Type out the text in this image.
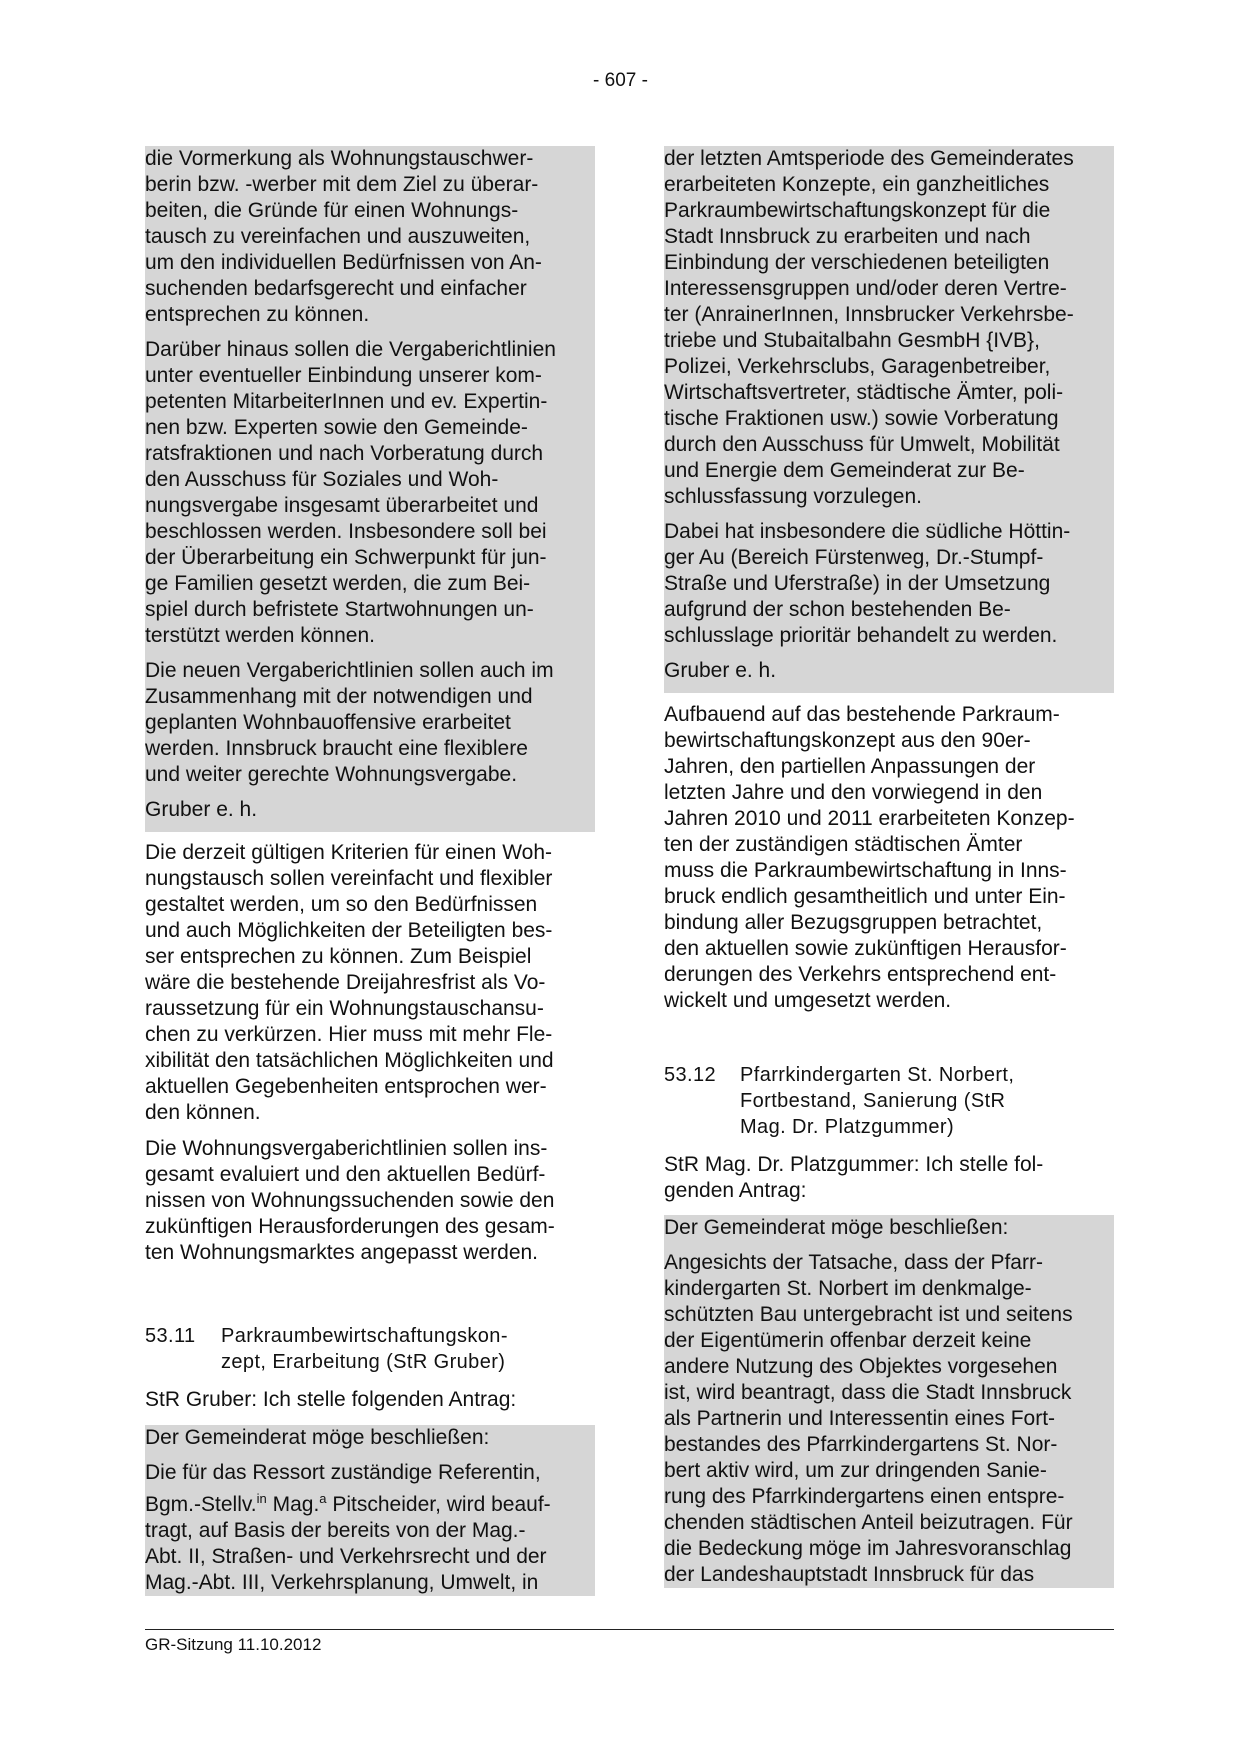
- 607 -

die Vormerkung als Wohnungstauschwer-

berin bzw. -werber mit dem Ziel zu überar-

beiten, die Gründe für einen Wohnungs-

tausch zu vereinfachen und auszuweiten,

um den individuellen Bedürfnissen von An-

suchenden bedarfsgerecht und einfacher

entsprechen zu können.

Darüber hinaus sollen die Vergaberichtlinien

unter eventueller Einbindung unserer kom-

petenten MitarbeiterInnen und ev. Expertin-

nen bzw. Experten sowie den Gemeinde-

ratsfraktionen und nach Vorberatung durch

den Ausschuss für Soziales und Woh-

nungsvergabe insgesamt überarbeitet und

beschlossen werden. Insbesondere soll bei

der Überarbeitung ein Schwerpunkt für jun-

ge Familien gesetzt werden, die zum Bei-

spiel durch befristete Startwohnungen un-

terstützt werden können.

Die neuen Vergaberichtlinien sollen auch im

Zusammenhang mit der notwendigen und

geplanten Wohnbauoffensive erarbeitet

werden. Innsbruck braucht eine flexiblere

und weiter gerechte Wohnungsvergabe.

Gruber e. h.

Die derzeit gültigen Kriterien für einen Woh-

nungstausch sollen vereinfacht und flexibler

gestaltet werden, um so den Bedürfnissen

und auch Möglichkeiten der Beteiligten bes-

ser entsprechen zu können. Zum Beispiel

wäre die bestehende Dreijahresfrist als Vo-

raussetzung für ein Wohnungstauschansu-

chen zu verkürzen. Hier muss mit mehr Fle-

xibilität den tatsächlichen Möglichkeiten und

aktuellen Gegebenheiten entsprochen wer-

den können.

Die Wohnungsvergaberichtlinien sollen ins-

gesamt evaluiert und den aktuellen Bedürf-

nissen von Wohnungssuchenden sowie den

zukünftigen Herausforderungen des gesam-

ten Wohnungsmarktes angepasst werden.

53.11 Parkraumbewirtschaftungskon-

zept, Erarbeitung (StR Gruber)

StR Gruber: Ich stelle folgenden Antrag:

Der Gemeinderat möge beschließen:

Die für das Ressort zuständige Referentin,

Bgm.-Stellv.$^{in}$ Mag.$^a$ Pitscheider, wird beauf-

tragt, auf Basis der bereits von der Mag.-

Abt. II, Straßen- und Verkehrsrecht und der

Mag.-Abt. III, Verkehrsplanung, Umwelt, in

der letzten Amtsperiode des Gemeinderates

erarbeiteten Konzepte, ein ganzheitliches

Parkraumbewirtschaftungskonzept für die

Stadt Innsbruck zu erarbeiten und nach

Einbindung der verschiedenen beteiligten

Interessensgruppen und/oder deren Vertre-

ter (AnrainerInnen, Innsbrucker Verkehrsbe-

triebe und Stubaitalbahn GesmbH {IVB},

Polizei, Verkehrsclubs, Garagenbetreiber,

Wirtschaftsvertreter, städtische Ämter, poli-

tische Fraktionen usw.) sowie Vorberatung

durch den Ausschuss für Umwelt, Mobilität

und Energie dem Gemeinderat zur Be-

schlussfassung vorzulegen.

Dabei hat insbesondere die südliche Höttin-

ger Au (Bereich Fürstenweg, Dr.-Stumpf-

Straße und Uferstraße) in der Umsetzung

aufgrund der schon bestehenden Be-

schlusslage prioritär behandelt zu werden.

Gruber e. h.

Aufbauend auf das bestehende Parkraum-

bewirtschaftungskonzept aus den 90er-

Jahren, den partiellen Anpassungen der

letzten Jahre und den vorwiegend in den

Jahren 2010 und 2011 erarbeiteten Konzep-

ten der zuständigen städtischen Ämter

muss die Parkraumbewirtschaftung in Inns-

bruck endlich gesamtheitlich und unter Ein-

bindung aller Bezugsgruppen betrachtet,

den aktuellen sowie zukünftigen Herausfor-

derungen des Verkehrs entsprechend ent-

wickelt und umgesetzt werden.

53.12 Pfarrkindergarten St. Norbert,

Fortbestand, Sanierung (StR

Mag. Dr. Platzgummer)

StR Mag. Dr. Platzgummer: Ich stelle fol-

genden Antrag:

Der Gemeinderat möge beschließen:

Angesichts der Tatsache, dass der Pfarr-

kindergarten St. Norbert im denkmalge-

schützten Bau untergebracht ist und seitens

der Eigentümerin offenbar derzeit keine

andere Nutzung des Objektes vorgesehen

ist, wird beantragt, dass die Stadt Innsbruck

als Partnerin und Interessentin eines Fort-

bestandes des Pfarrkindergartens St. Nor-

bert aktiv wird, um zur dringenden Sanie-

rung des Pfarrkindergartens einen entspre-

chenden städtischen Anteil beizutragen. Für

die Bedeckung möge im Jahresvoranschlag

der Landeshauptstadt Innsbruck für das

GR-Sitzung 11.10.2012
